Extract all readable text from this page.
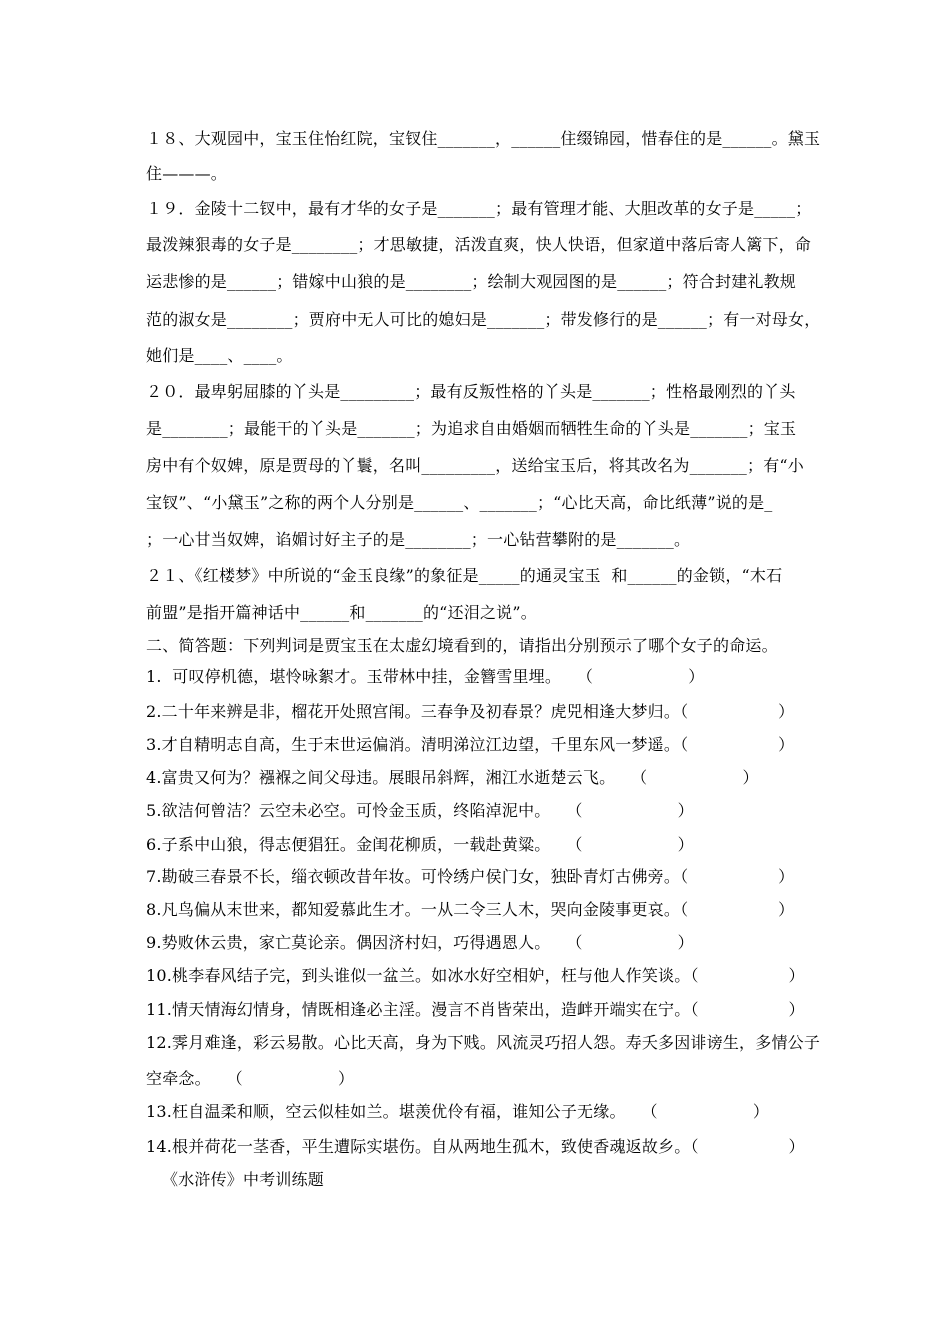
１８、大观园中，宝玉住怡红院，宝钗住_______，______住缀锦园，惜春住的是______。黛玉
住———。
１９．金陵十二钗中，最有才华的女子是_______；最有管理才能、大胆改革的女子是_____；
最泼辣狠毒的女子是________；才思敏捷，活泼直爽，快人快语，但家道中落后寄人篱下，命
运悲惨的是______；错嫁中山狼的是________；绘制大观园图的是______；符合封建礼教规
范的淑女是________；贾府中无人可比的媳妇是_______；带发修行的是______；有一对母女，
她们是____、____。
２０．最卑躬屈膝的丫头是_________；最有反叛性格的丫头是_______；性格最刚烈的丫头
是________；最能干的丫头是_______；为追求自由婚姻而牺牲生命的丫头是_______；宝玉
房中有个奴婢，原是贾母的丫鬟，名叫_________，送给宝玉后，将其改名为_______；有“小
宝钗”、“小黛玉”之称的两个人分别是______、_______；“心比天高，命比纸薄”说的是_
；一心甘当奴婢，谄媚讨好主子的是________；一心钻营攀附的是_______。
２１、《红楼梦》中所说的“金玉良缘”的象征是_____的通灵宝玉  和______的金锁，“木石
前盟”是指开篇神话中______和_______的“还泪之说”。
二、简答题：下列判词是贾宝玉在太虚幻境看到的，请指出分别预示了哪个女子的命运。
1.  可叹停机德，堪怜咏絮才。玉带林中挂，金簪雪里埋。   （                  ）
2.二十年来辨是非，榴花开处照宫闱。三春争及初春景？虎兕相逢大梦归。（                 ）
3.才自精明志自高，生于末世运偏消。清明涕泣江边望，千里东风一梦遥。（                 ）
4.富贵又何为？襁褓之间父母违。展眼吊斜辉，湘江水逝楚云飞。   （                  ）
5.欲洁何曾洁？云空未必空。可怜金玉质，终陷淖泥中。   （                  ）
6.子系中山狼，得志便猖狂。金闺花柳质，一载赴黄粱。   （                  ）
7.勘破三春景不长，缁衣顿改昔年妆。可怜绣户侯门女，独卧青灯古佛旁。（                 ）
8.凡鸟偏从末世来，都知爱慕此生才。一从二令三人木，哭向金陵事更哀。（                 ）
9.势败休云贵，家亡莫论亲。偶因济村妇，巧得遇恩人。   （                  ）
10.桃李春风结子完，到头谁似一盆兰。如冰水好空相妒，枉与他人作笑谈。（                 ）
11.情天情海幻情身，情既相逢必主淫。漫言不肖皆荣出，造衅开端实在宁。（                 ）
12.霁月难逢，彩云易散。心比天高，身为下贱。风流灵巧招人怨。寿夭多因诽谤生，多情公子
空牵念。   （                  ）
13.枉自温柔和顺，空云似桂如兰。堪羡优伶有福，谁知公子无缘。   （                  ）
14.根并荷花一茎香，平生遭际实堪伤。自从两地生孤木，致使香魂返故乡。（                 ）
《水浒传》中考训练题
